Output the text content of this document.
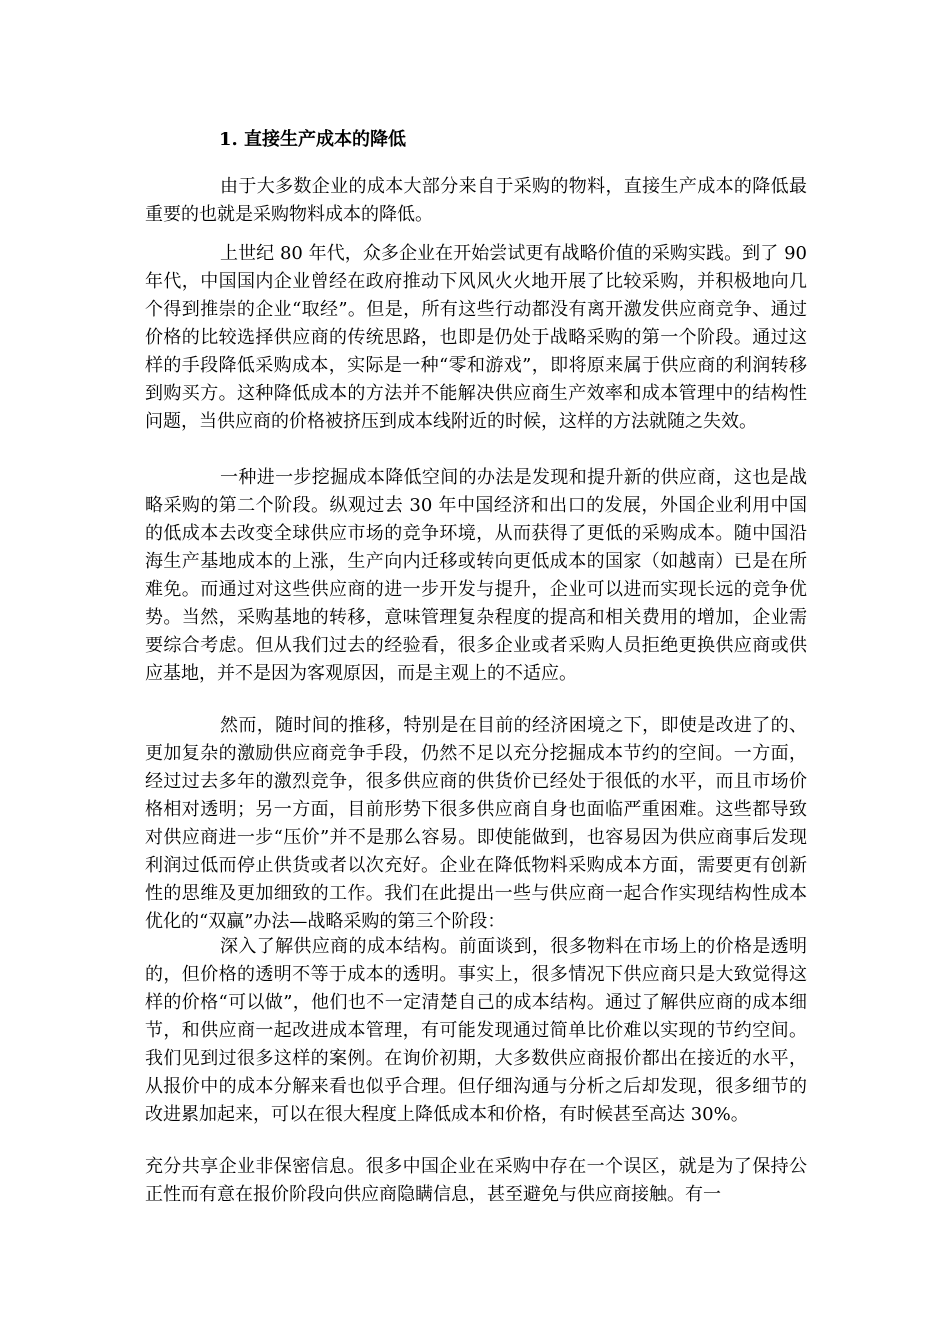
1. 直接生产成本的降低

由于大多数企业的成本大部分来自于采购的物料，直接生产成本的降低最重要的也就是采购物料成本的降低。

上世纪 80 年代，众多企业在开始尝试更有战略价值的采购实践。到了 90 年代，中国国内企业曾经在政府推动下风风火火地开展了比较采购，并积极地向几个得到推崇的企业“取经”。但是，所有这些行动都没有离开激发供应商竞争、通过价格的比较选择供应商的传统思路，也即是仍处于战略采购的第一个阶段。通过这样的手段降低采购成本，实际是一种“零和游戏”，即将原来属于供应商的利润转移到购买方。这种降低成本的方法并不能解决供应商生产效率和成本管理中的结构性问题，当供应商的价格被挤压到成本线附近的时候，这样的方法就随之失效。

一种进一步挖掘成本降低空间的办法是发现和提升新的供应商，这也是战略采购的第二个阶段。纵观过去 30 年中国经济和出口的发展，外国企业利用中国的低成本去改变全球供应市场的竞争环境，从而获得了更低的采购成本。随中国沿海生产基地成本的上涨，生产向内迁移或转向更低成本的国家（如越南）已是在所难免。而通过对这些供应商的进一步开发与提升，企业可以进而实现长远的竞争优势。当然，采购基地的转移，意味管理复杂程度的提高和相关费用的增加，企业需要综合考虑。但从我们过去的经验看，很多企业或者采购人员拒绝更换供应商或供应基地，并不是因为客观原因，而是主观上的不适应。

然而，随时间的推移，特别是在目前的经济困境之下，即使是改进了的、更加复杂的激励供应商竞争手段，仍然不足以充分挖掘成本节约的空间。一方面，经过过去多年的激烈竞争，很多供应商的供货价已经处于很低的水平，而且市场价格相对透明；另一方面，目前形势下很多供应商自身也面临严重困难。这些都导致对供应商进一步“压价”并不是那么容易。即使能做到，也容易因为供应商事后发现利润过低而停止供货或者以次充好。企业在降低物料采购成本方面，需要更有创新性的思维及更加细致的工作。我们在此提出一些与供应商一起合作实现结构性成本优化的“双赢”办法—战略采购的第三个阶段：

深入了解供应商的成本结构。前面谈到，很多物料在市场上的价格是透明的，但价格的透明不等于成本的透明。事实上，很多情况下供应商只是大致觉得这样的价格“可以做”，他们也不一定清楚自己的成本结构。通过了解供应商的成本细节，和供应商一起改进成本管理，有可能发现通过简单比价难以实现的节约空间。我们见到过很多这样的案例。在询价初期，大多数供应商报价都出在接近的水平，从报价中的成本分解来看也似乎合理。但仔细沟通与分析之后却发现，很多细节的改进累加起来，可以在很大程度上降低成本和价格，有时候甚至高达 30%。

充分共享企业非保密信息。很多中国企业在采购中存在一个误区，就是为了保持公正性而有意在报价阶段向供应商隐瞒信息，甚至避免与供应商接触。有一
